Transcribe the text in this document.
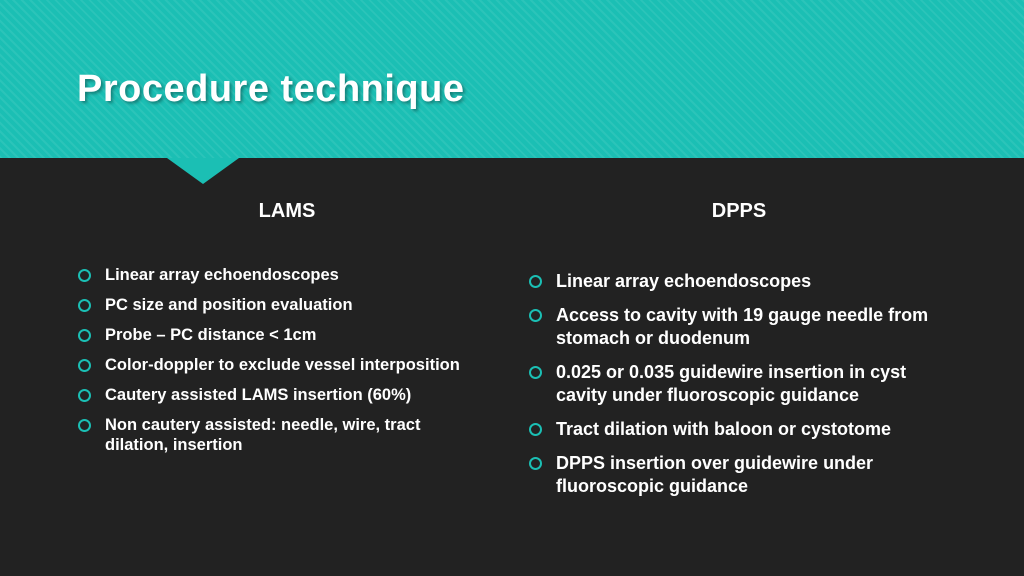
Procedure technique
LAMS	DPPS
Linear array echoendoscopes
PC size and position evaluation
Probe – PC distance < 1cm
Color-doppler to exclude vessel interposition
Cautery assisted LAMS insertion (60%)
Non cautery assisted: needle, wire, tract dilation, insertion
Linear array echoendoscopes
Access to cavity with 19 gauge needle from stomach or duodenum
0.025 or 0.035 guidewire insertion in cyst cavity under fluoroscopic guidance
Tract dilation with baloon or cystotome
DPPS insertion over guidewire under fluoroscopic guidance
